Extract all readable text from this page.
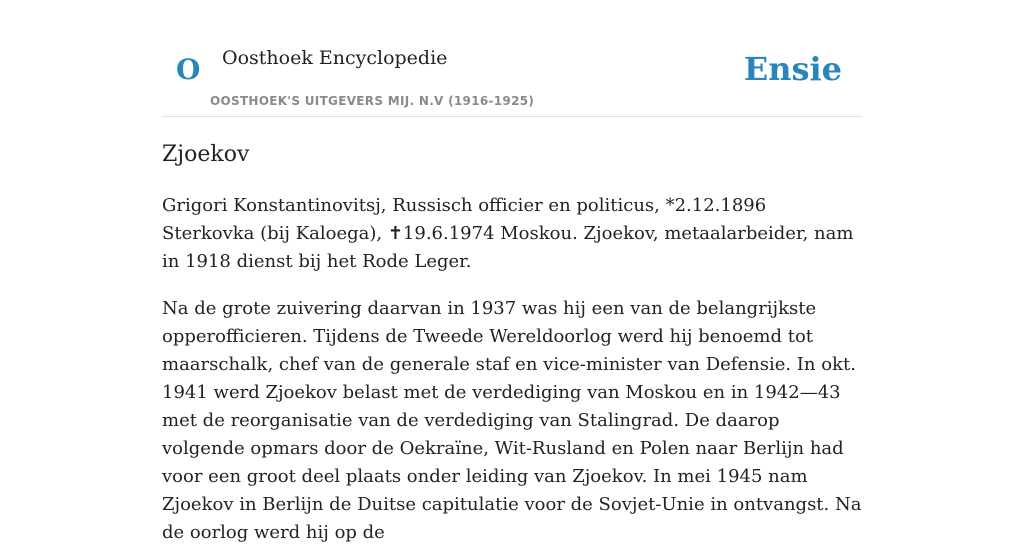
O Oosthoek Encyclopedie
OOSTHOEK'S UITGEVERS MIJ. N.V (1916-1925)
Ensie
Zjoekov

Grigori Konstantinovitsj, Russisch officier en politicus, *2.12.1896 Sterkovka (bij Kaloega), ✝19.6.1974 Moskou. Zjoekov, metaalarbeider, nam in 1918 dienst bij het Rode Leger.

Na de grote zuivering daarvan in 1937 was hij een van de belangrijkste opperofficieren. Tijdens de Tweede Wereldoorlog werd hij benoemd tot maarschalk, chef van de generale staf en vice-minister van Defensie. In okt. 1941 werd Zjoekov belast met de verdediging van Moskou en in 1942—43 met de reorganisatie van de verdediging van Stalingrad. De daarop volgende opmars door de Oekraïne, Wit-Rusland en Polen naar Berlijn had voor een groot deel plaats onder leiding van Zjoekov. In mei 1945 nam Zjoekov in Berlijn de Duitse capitulatie voor de Sovjet-Unie in ontvangst. Na de oorlog werd hij op de
